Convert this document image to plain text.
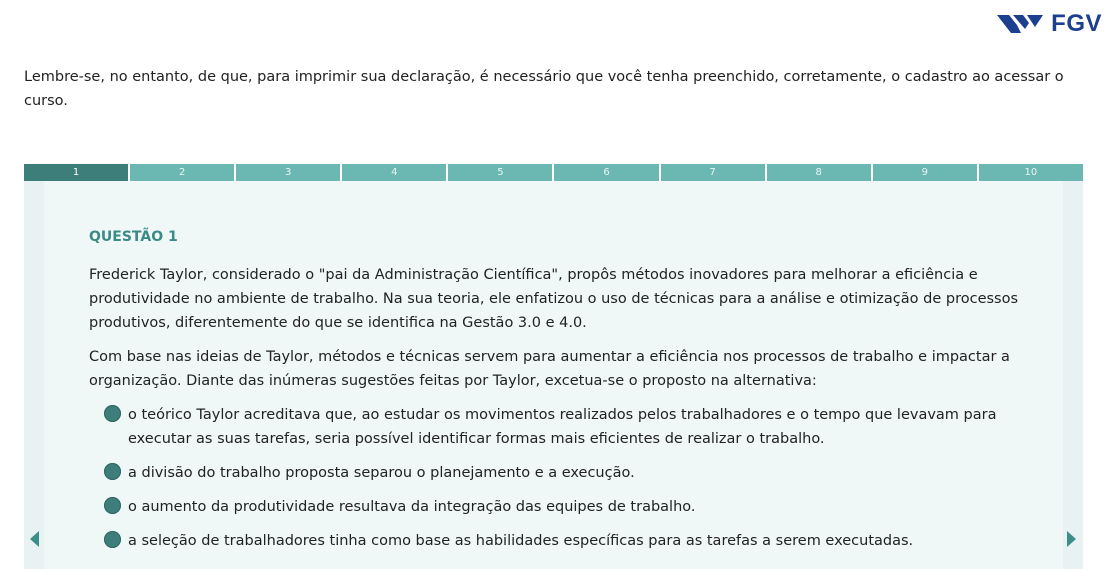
FGV
Lembre-se, no entanto, de que, para imprimir sua declaração, é necessário que você tenha preenchido, corretamente, o cadastro ao acessar o curso.
1	2	3	4	5	6	7	8	9	10
QUESTÃO 1

Frederick Taylor, considerado o "pai da Administração Científica", propôs métodos inovadores para melhorar a eficiência e produtividade no ambiente de trabalho. Na sua teoria, ele enfatizou o uso de técnicas para a análise e otimização de processos produtivos, diferentemente do que se identifica na Gestão 3.0 e 4.0.

Com base nas ideias de Taylor, métodos e técnicas servem para aumentar a eficiência nos processos de trabalho e impactar a organização. Diante das inúmeras sugestões feitas por Taylor, excetua-se o proposto na alternativa:

o teórico Taylor acreditava que, ao estudar os movimentos realizados pelos trabalhadores e o tempo que levavam para executar as suas tarefas, seria possível identificar formas mais eficientes de realizar o trabalho.
a divisão do trabalho proposta separou o planejamento e a execução.
o aumento da produtividade resultava da integração das equipes de trabalho.
a seleção de trabalhadores tinha como base as habilidades específicas para as tarefas a serem executadas.
